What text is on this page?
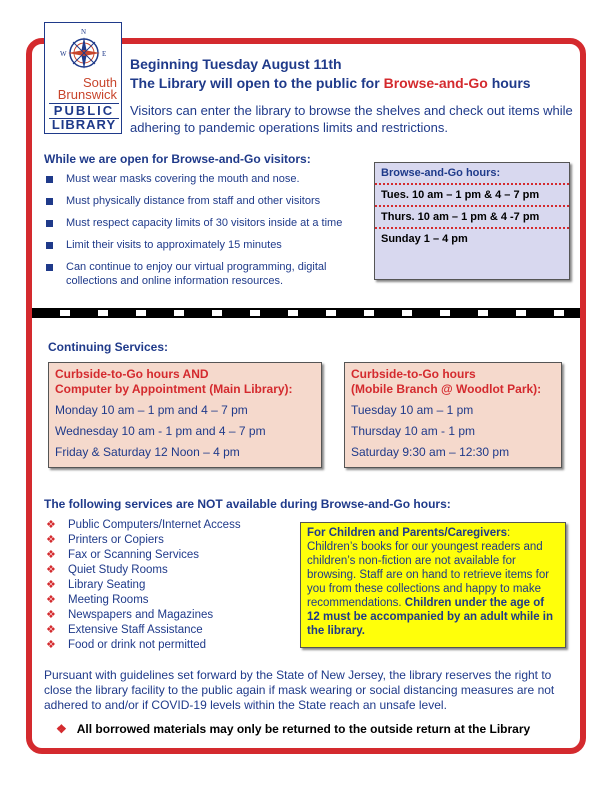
N
W	E
South
Brunswick
PUBLIC
LIBRARY
Beginning Tuesday August 11th
The Library will open to the public for Browse-and-Go hours
Visitors can enter the library to browse the shelves and check out items while adhering to pandemic operations limits and restrictions.
While we are open for Browse-and-Go visitors:
Must wear masks covering the mouth and nose.
Must physically distance from staff and other visitors
Must respect capacity limits of 30 visitors inside at a time
Limit their visits to approximately 15 minutes
Can continue to enjoy our virtual programming, digital collections and online information resources.
Browse-and-Go hours:
Tues. 10 am – 1 pm & 4 – 7 pm
Thurs. 10 am – 1 pm & 4 -7 pm
Sunday 1 – 4 pm
Continuing Services:
Curbside-to-Go hours AND
Computer by Appointment (Main Library):
Monday 10 am – 1 pm and 4 – 7 pm
Wednesday 10 am - 1 pm and 4 – 7 pm
Friday & Saturday 12 Noon – 4 pm
Curbside-to-Go hours
(Mobile Branch @ Woodlot Park):
Tuesday 10 am – 1 pm
Thursday 10 am - 1 pm
Saturday 9:30 am – 12:30 pm
The following services are NOT available during Browse-and-Go hours:
❖ Public Computers/Internet Access
❖ Printers or Copiers
❖ Fax or Scanning Services
❖ Quiet Study Rooms
❖ Library Seating
❖ Meeting Rooms
❖ Newspapers and Magazines
❖ Extensive Staff Assistance
❖ Food or drink not permitted
For Children and Parents/Caregivers: Children’s books for our youngest readers and children’s non-fiction are not available for browsing. Staff are on hand to retrieve items for you from these collections and happy to make recommendations. Children under the age of 12 must be accompanied by an adult while in the library.
Pursuant with guidelines set forward by the State of New Jersey, the library reserves the right to close the library facility to the public again if mask wearing or social distancing measures are not adhered to and/or if COVID-19 levels within the State reach an unsafe level.
❖ All borrowed materials may only be returned to the outside return at the Library
